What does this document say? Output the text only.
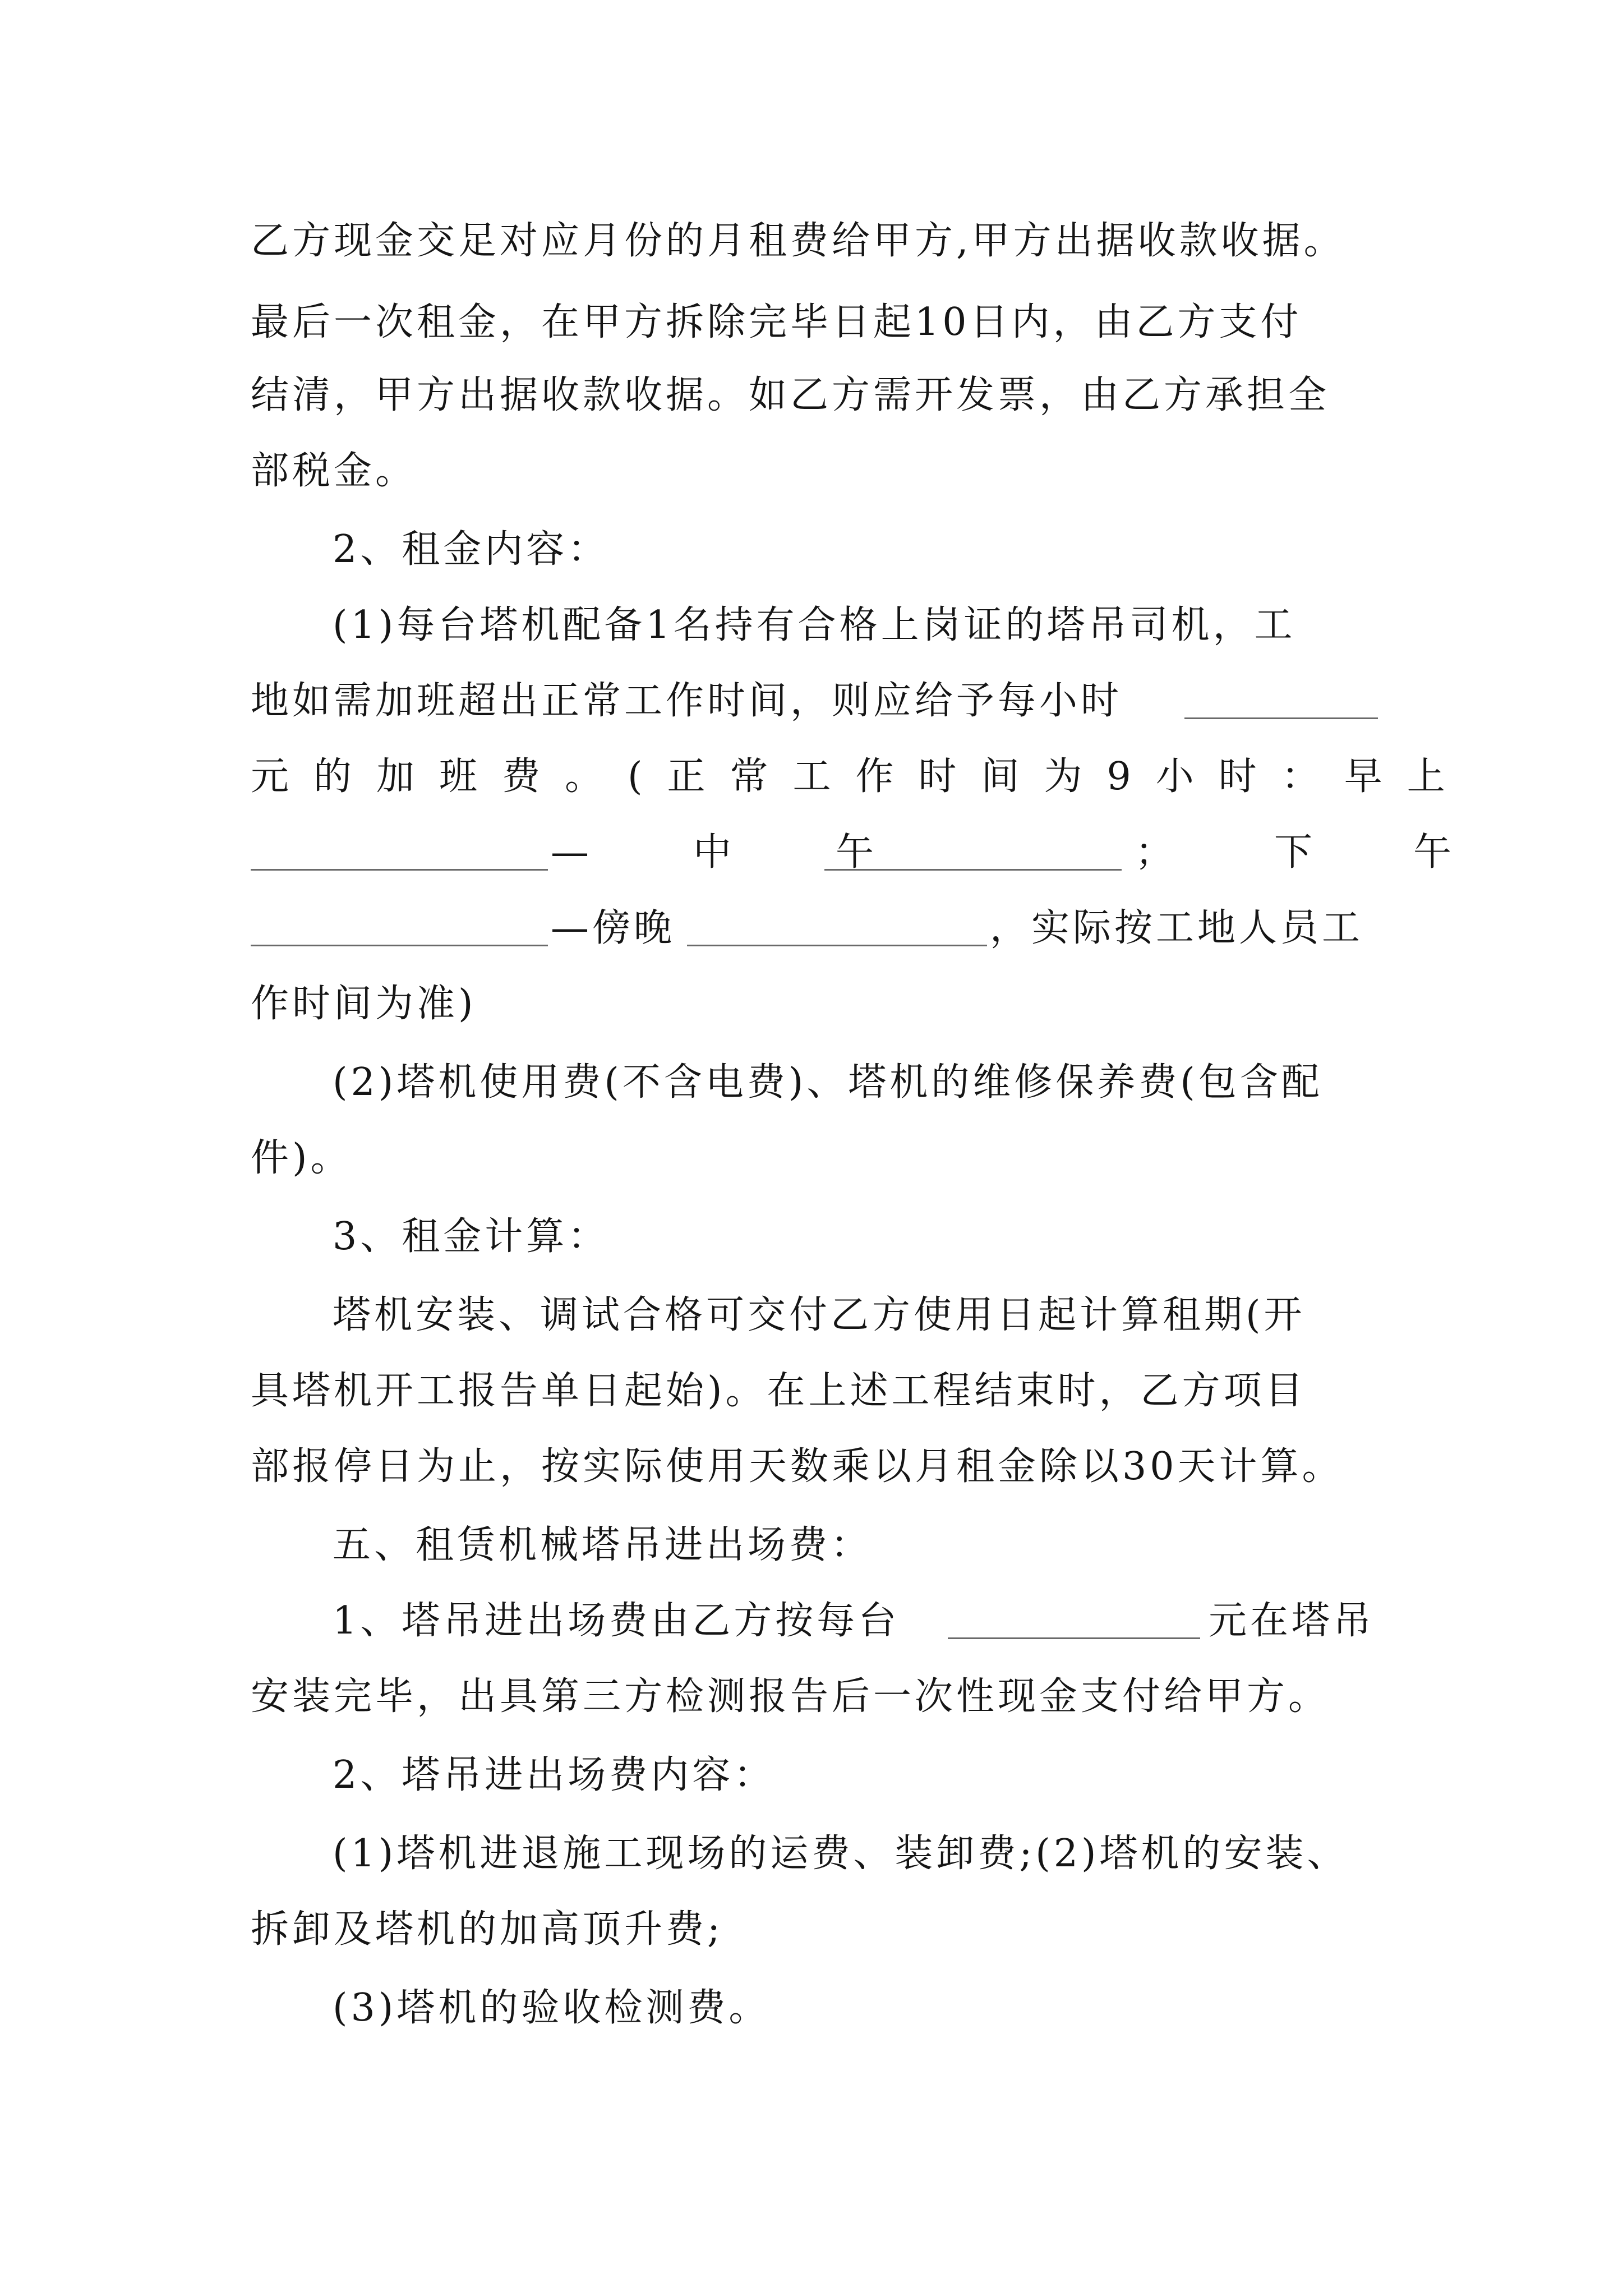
乙方现金交足对应月份的月租费给甲方,甲方出据收款收据。

最后一次租金，在甲方拆除完毕日起10日内，由乙方支付

结清，甲方出据收款收据。如乙方需开发票，由乙方承担全

部税金。

2、租金内容：

(1)每台塔机配备1名持有合格上岗证的塔吊司机，工

地如需加班超出正常工作时间，则应给予每小时

元的加班费。(正常工作时间为9小时：早上

—中午

	；下午

—傍晚

	，实际按工地人员工

作时间为准)

(2)塔机使用费(不含电费)、塔机的维修保养费(包含配

件)。

3、租金计算：

塔机安装、调试合格可交付乙方使用日起计算租期(开

具塔机开工报告单日起始)。在上述工程结束时，乙方项目

部报停日为止，按实际使用天数乘以月租金除以30天计算。

五、租赁机械塔吊进出场费：

1、塔吊进出场费由乙方按每台

	元在塔吊

安装完毕，出具第三方检测报告后一次性现金支付给甲方。

2、塔吊进出场费内容：

(1)塔机进退施工现场的运费、装卸费;(2)塔机的安装、

拆卸及塔机的加高顶升费;

(3)塔机的验收检测费。
